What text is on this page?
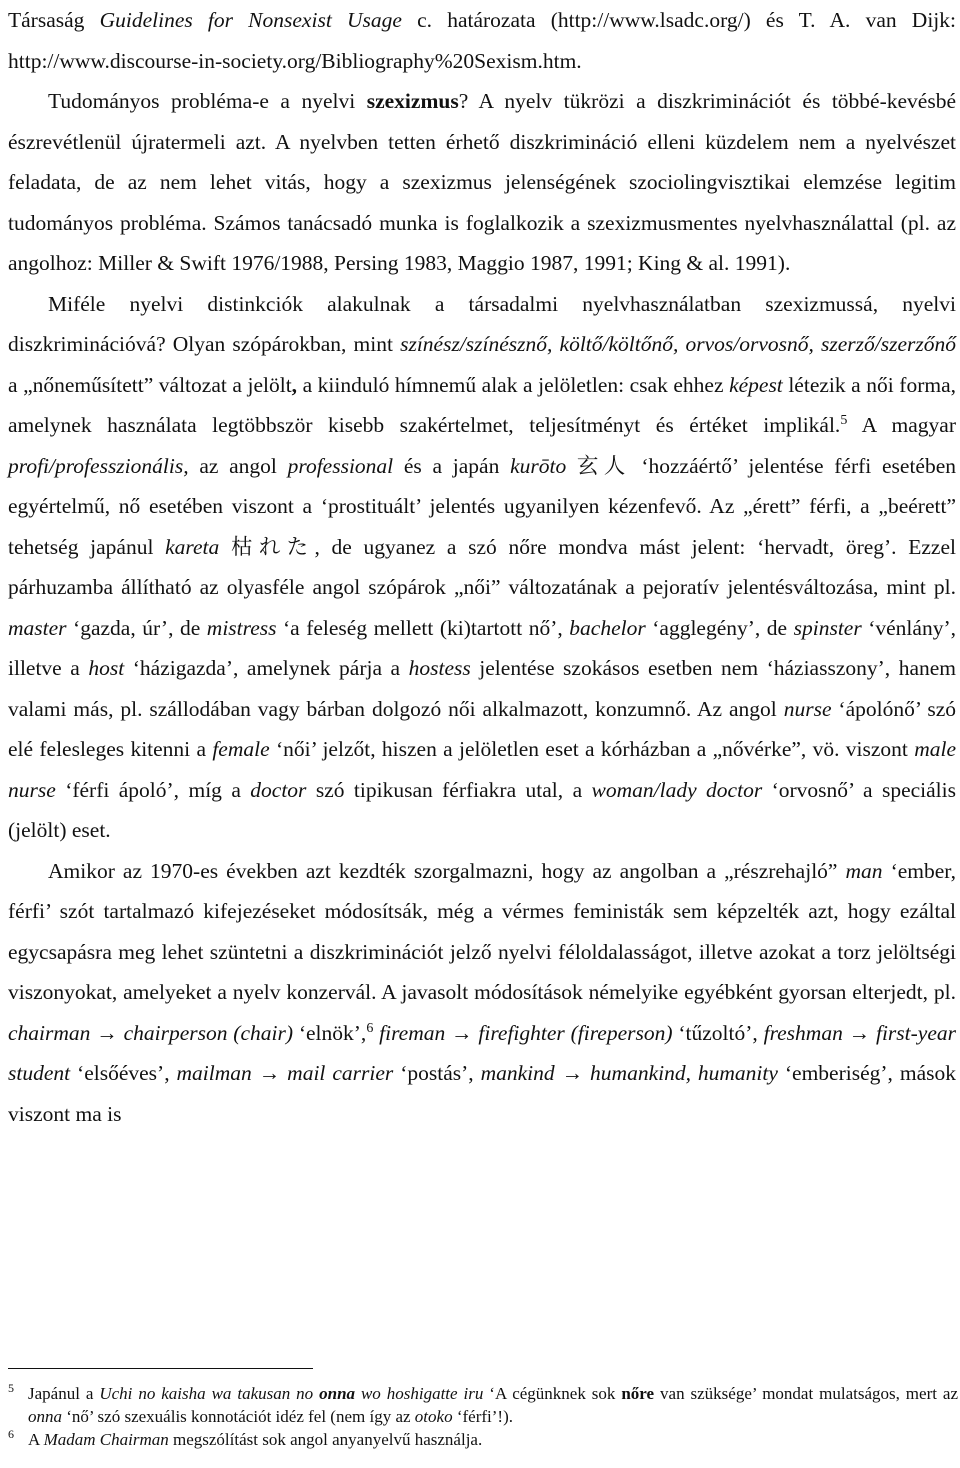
Társaság Guidelines for Nonsexist Usage c. határozata (http://www.lsadc.org/) és T. A. van Dijk: http://www.discourse-in-society.org/Bibliography%20Sexism.htm.

Tudományos probléma-e a nyelvi szexizmus? A nyelv tükrözi a diszkriminációt és többé-kevésbé észrevétlenül újratermeli azt. A nyelvben tetten érhető diszkrimináció elleni küzdelem nem a nyelvészet feladata, de az nem lehet vitás, hogy a szexizmus jelenségének szociolingvisztikai elemzése legitim tudományos probléma. Számos tanácsadó munka is foglalkozik a szexizmusmentes nyelvhasználattal (pl. az angolhoz: Miller & Swift 1976/1988, Persing 1983, Maggio 1987, 1991; King & al. 1991).

Miféle nyelvi distinkciók alakulnak a társadalmi nyelvhasználatban szexizmussá, nyelvi diszkriminációvá? Olyan szópárokban, mint színész/színésznő, költő/költőnő, orvos/orvosnő, szerző/szerzőnő a „nőneműsített” változat a jelölt, a kiinduló hímnemű alak a jelöletlen: csak ehhez képest létezik a női forma, amelynek használata legtöbbször kisebb szakértelmet, teljesítményt és értéket implikál.$^5$ A magyar profi/professzionális, az angol professional és a japán kurōto 玄人 ‘hozzáértő’ jelentése férfi esetében egyértelmű, nő esetében viszont a ‘prostituált’ jelentés ugyanilyen kézenfevő. Az „érett” férfi, a „beérett” tehetség japánul kareta 枯れた, de ugyanez a szó nőre mondva mást jelent: ‘hervadt, öreg’. Ezzel párhuzamba állítható az olyasféle angol szópárok „női” változatának a pejoratív jelentésváltozása, mint pl. master ‘gazda, úr’, de mistress ‘a feleség mellett (ki)tartott nő’, bachelor ‘agglegény’, de spinster ‘vénlány’, illetve a host ‘házigazda’, amelynek párja a hostess jelentése szokásos esetben nem ‘háziasszony’, hanem valami más, pl. szállodában vagy bárban dolgozó női alkalmazott, konzumnő. Az angol nurse ‘ápolónő’ szó elé felesleges kitenni a female ‘női’ jelzőt, hiszen a jelöletlen eset a kórházban a „nővérke”, vö. viszont male nurse ‘férfi ápoló’, míg a doctor szó tipikusan férfiakra utal, a woman/lady doctor ‘orvosnő’ a speciális (jelölt) eset.

Amikor az 1970-es években azt kezdték szorgalmazni, hogy az angolban a „részrehajló” man ‘ember, férfi’ szót tartalmazó kifejezéseket módosítsák, még a vérmes feministák sem képzelték azt, hogy ezáltal egycsapásra meg lehet szüntetni a diszkriminációt jelző nyelvi féloldalasságot, illetve azokat a torz jelöltségi viszonyokat, amelyeket a nyelv konzervál. A javasolt módosítások némelyike egyébként gyorsan elterjedt, pl. chairman → chairperson (chair) ‘elnök’,$^6$ fireman → firefighter (fireperson) ‘tűzoltó’, freshman → first-year student ‘elsőéves’, mailman → mail carrier ‘postás’, mankind → humankind, humanity ‘emberiség’, mások viszont ma is

5 Japánul a Uchi no kaisha wa takusan no onna wo hoshigatte iru ‘A cégünknek sok nőre van szüksége’ mondat mulatságos, mert az onna ‘nő’ szó szexuális konnotációt idéz fel (nem így az otoko ‘férfi’!).
6 A Madam Chairman megszólítást sok angol anyanyelvű használja.
